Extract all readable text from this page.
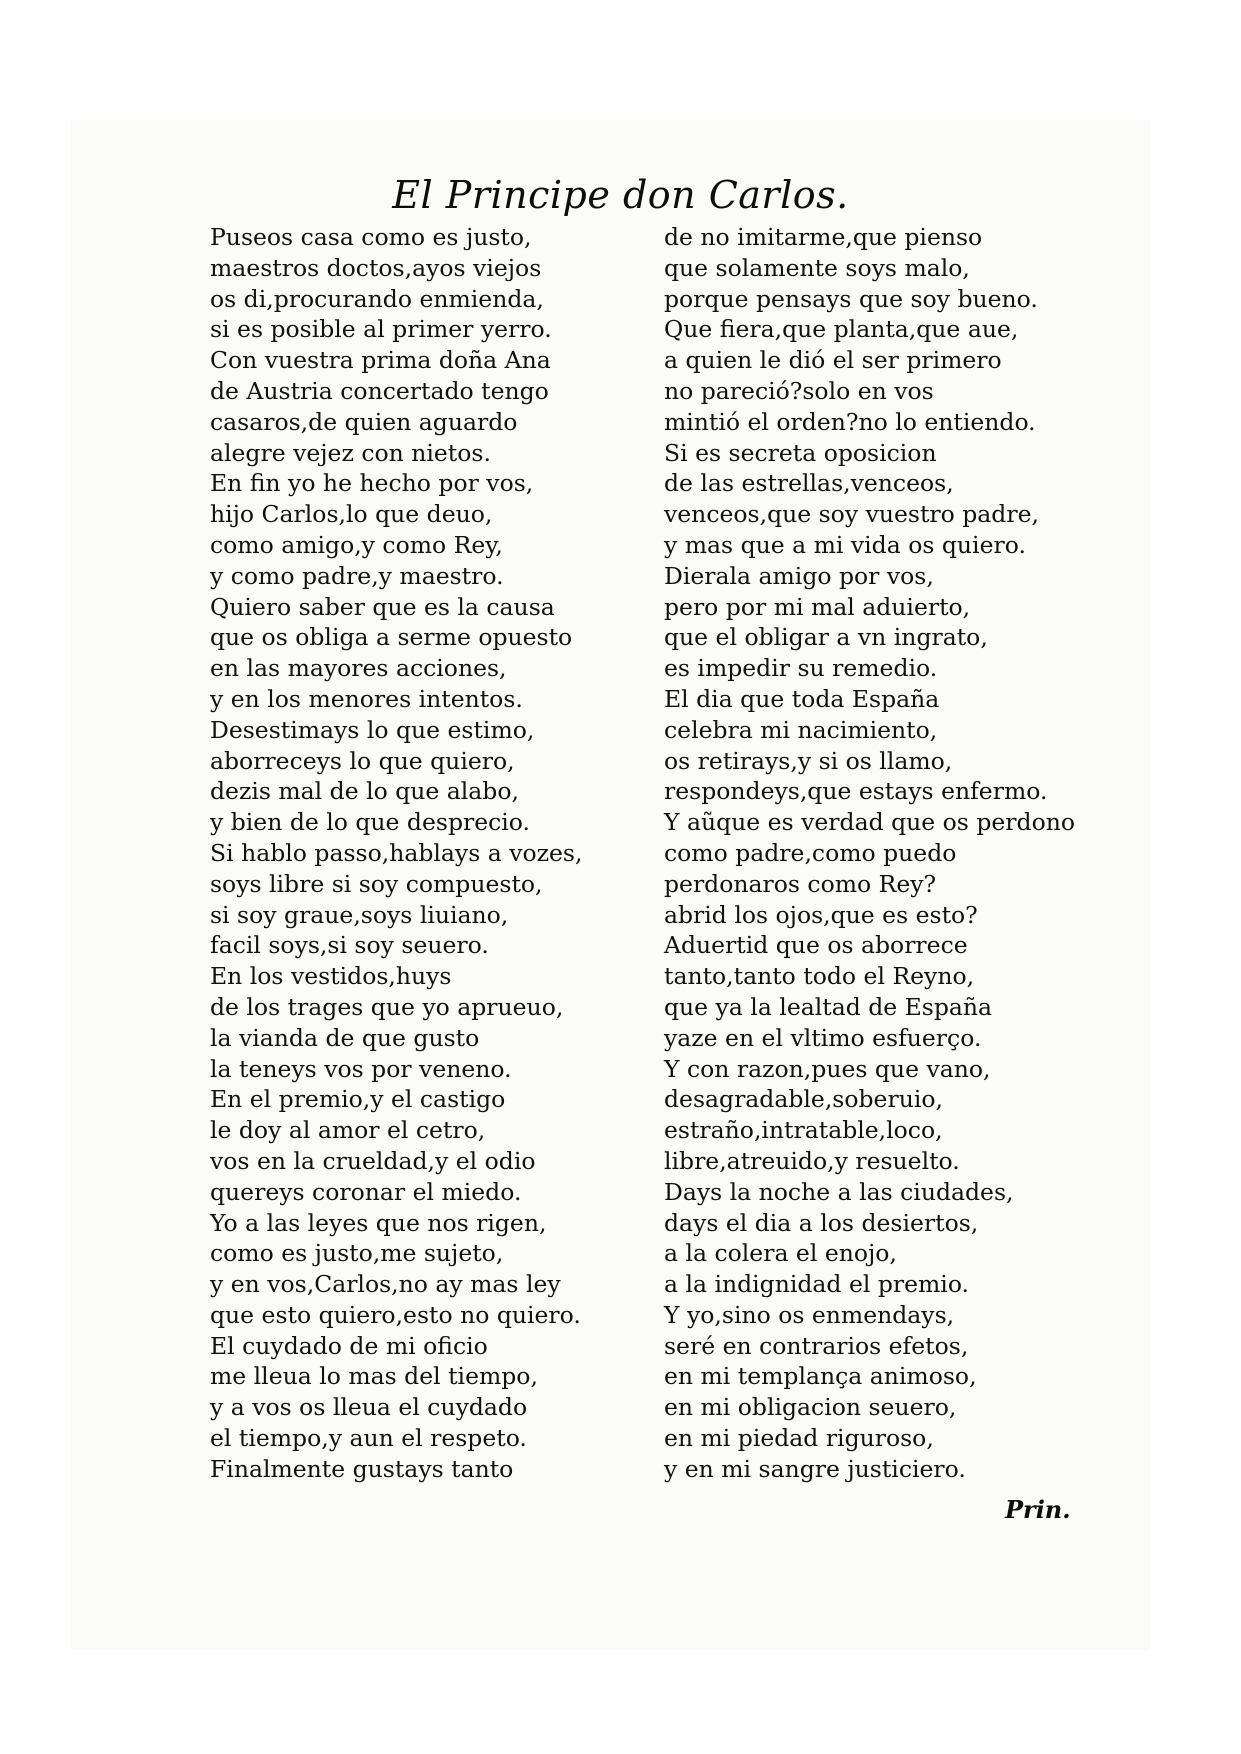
El Principe don Carlos.
Puseos casa como es justo,
maestros doctos,ayos viejos
os di,procurando enmienda,
si es posible al primer yerro.
Con vuestra prima doña Ana
de Austria concertado tengo
casaros,de quien aguardo
alegre vejez con nietos.
En fin yo he hecho por vos,
hijo Carlos,lo que deuo,
como amigo,y como Rey,
y como padre,y maestro.
Quiero saber que es la causa
que os obliga a serme opuesto
en las mayores acciones,
y en los menores intentos.
Desestimays lo que estimo,
aborreceys lo que quiero,
dezis mal de lo que alabo,
y bien de lo que desprecio.
Si hablo passo,hablays a vozes,
soys libre si soy compuesto,
si soy graue,soys liuiano,
facil soys,si soy seuero.
En los vestidos,huys
de los trages que yo aprueuo,
la vianda de que gusto
la teneys vos por veneno.
En el premio,y el castigo
le doy al amor el cetro,
vos en la crueldad,y el odio
quereys coronar el miedo.
Yo a las leyes que nos rigen,
como es justo,me sujeto,
y en vos,Carlos,no ay mas ley
que esto quiero,esto no quiero.
El cuydado de mi oficio
me lleua lo mas del tiempo,
y a vos os lleua el cuydado
el tiempo,y aun el respeto.
Finalmente gustays tanto
de no imitarme,que pienso
que solamente soys malo,
porque pensays que soy bueno.
Que fiera,que planta,que aue,
a quien le dió el ser primero
no pareció?solo en vos
mintió el orden?no lo entiendo.
Si es secreta oposicion
de las estrellas,venceos,
venceos,que soy vuestro padre,
y mas que a mi vida os quiero.
Dierala amigo por vos,
pero por mi mal aduierto,
que el obligar a vn ingrato,
es impedir su remedio.
El dia que toda España
celebra mi nacimiento,
os retirays,y si os llamo,
respondeys,que estays enfermo.
Y aũque es verdad que os perdono
como padre,como puedo
perdonaros como Rey?
abrid los ojos,que es esto?
Aduertid que os aborrece
tanto,tanto todo el Reyno,
que ya la lealtad de España
yaze en el vltimo esfuerço.
Y con razon,pues que vano,
desagradable,soberuio,
estraño,intratable,loco,
libre,atreuido,y resuelto.
Days la noche a las ciudades,
days el dia a los desiertos,
a la colera el enojo,
a la indignidad el premio.
Y yo,sino os enmendays,
seré en contrarios efetos,
en mi templança animoso,
en mi obligacion seuero,
en mi piedad riguroso,
y en mi sangre justiciero.
Prin.
